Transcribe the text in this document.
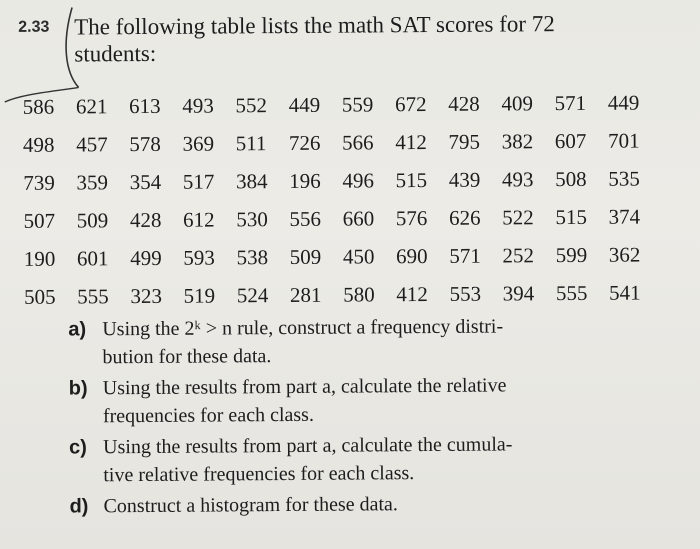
2.33 The following table lists the math SAT scores for 72
students:
586	621	613	493	552	449	559	672	428	409	571	449
498	457	578	369	511	726	566	412	795	382	607	701
739	359	354	517	384	196	496	515	439	493	508	535
507	509	428	612	530	556	660	576	626	522	515	374
190	601	499	593	538	509	450	690	571	252	599	362
505	555	323	519	524	281	580	412	553	394	555	541
a) Using the 2ᵏ > n rule, construct a frequency distri-
bution for these data.
b) Using the results from part a, calculate the relative
frequencies for each class.
c) Using the results from part a, calculate the cumula-
tive relative frequencies for each class.
d) Construct a histogram for these data.
